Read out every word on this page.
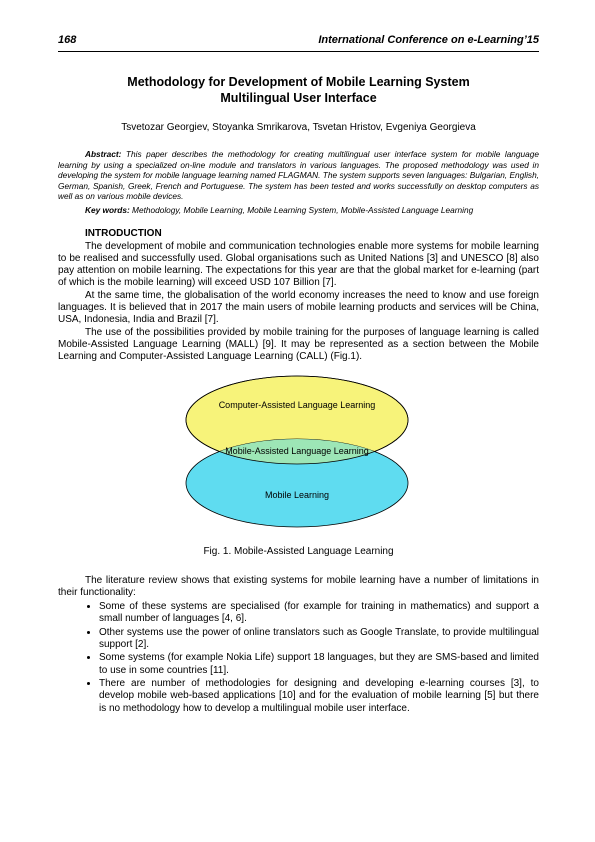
168	International Conference on e-Learning’15
Methodology for Development of Mobile Learning System
Multilingual User Interface
Tsvetozar Georgiev, Stoyanka Smrikarova, Tsvetan Hristov, Evgeniya Georgieva

Abstract: This paper describes the methodology for creating multilingual user interface system for mobile language learning by using a specialized on-line module and translators in various languages. The proposed methodology was used in developing the system for mobile language learning named FLAGMAN. The system supports seven languages: Bulgarian, English, German, Spanish, Greek, French and Portuguese. The system has been tested and works successfully on desktop computers as well as on various mobile devices.

Key words: Methodology, Mobile Learning, Mobile Learning System, Mobile-Assisted Language Learning

INTRODUCTION

The development of mobile and communication technologies enable more systems for mobile learning to be realised and successfully used. Global organisations such as United Nations [3] and UNESCO [8] also pay attention on mobile learning. The expectations for this year are that the global market for e-learning (part of which is the mobile learning) will exceed USD 107 Billion [7].

At the same time, the globalisation of the world economy increases the need to know and use foreign languages. It is believed that in 2017 the main users of mobile learning products and services will be China, USA, Indonesia, India and Brazil [7].

The use of the possibilities provided by mobile training for the purposes of language learning is called Mobile-Assisted Language Learning (MALL) [9]. It may be represented as a section between the Mobile Learning and Computer-Assisted Language Learning (CALL) (Fig.1).

Computer-Assisted Language Learning
Mobile-Assisted Language Learning
Mobile Learning
Fig. 1. Mobile-Assisted Language Learning

The literature review shows that existing systems for mobile learning have a number of limitations in their functionality:

• Some of these systems are specialised (for example for training in mathematics) and support a small number of languages [4, 6].
• Other systems use the power of online translators such as Google Translate, to provide multilingual support [2].
• Some systems (for example Nokia Life) support 18 languages, but they are SMS-based and limited to use in some countries [11].
• There are number of methodologies for designing and developing e-learning courses [3], to develop mobile web-based applications [10] and for the evaluation of mobile learning [5] but there is no methodology how to develop a multilingual mobile user interface.
